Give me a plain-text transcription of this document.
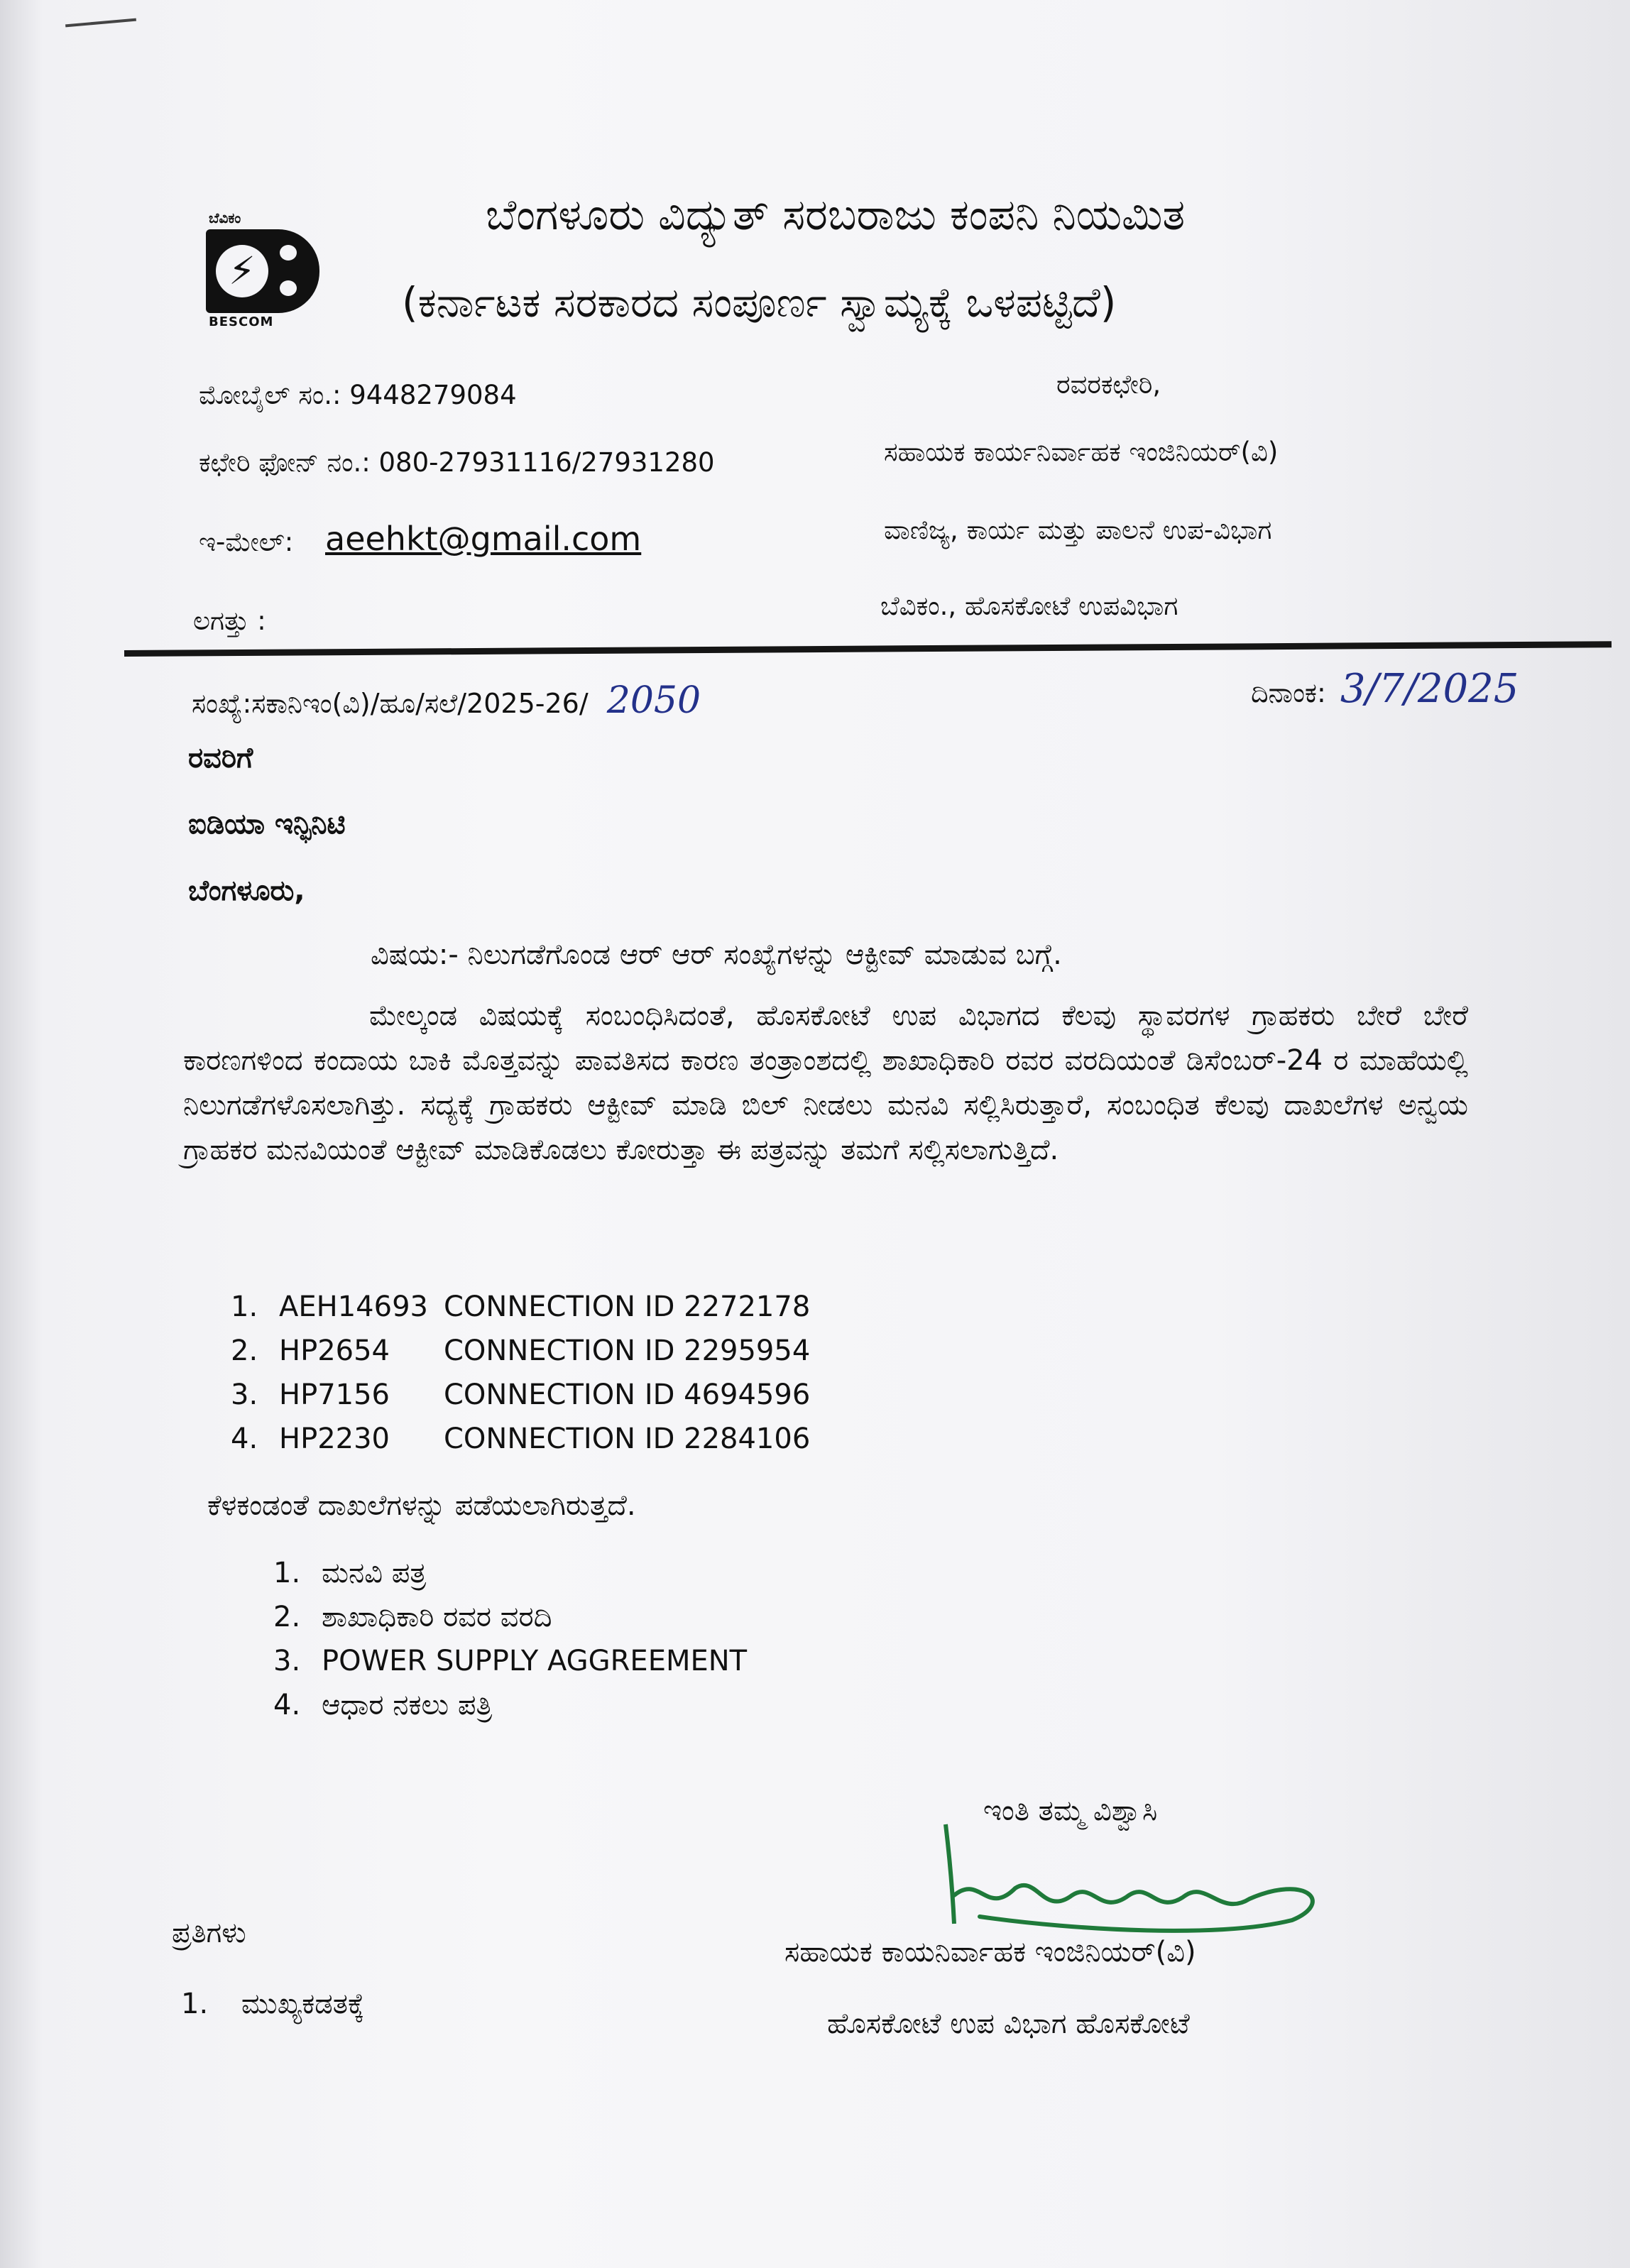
ಬೆವಿಕಂ
⚡
BESCOM
ಬೆಂಗಳೂರು ವಿದ್ಯುತ್ ಸರಬರಾಜು ಕಂಪನಿ ನಿಯಮಿತ
(ಕರ್ನಾಟಕ ಸರಕಾರದ ಸಂಪೂರ್ಣ ಸ್ವಾಮ್ಯಕ್ಕೆ ಒಳಪಟ್ಟಿದೆ)
ಮೋಬೈಲ್ ಸಂ.: 9448279084
ಕಛೇರಿ ಫೋನ್ ನಂ.: 080-27931116/27931280
ಇ-ಮೇಲ್: aeehkt@gmail.com
ಲಗತ್ತು :
ರವರಕಛೇರಿ,
ಸಹಾಯಕ ಕಾರ್ಯನಿರ್ವಾಹಕ ಇಂಜಿನಿಯರ್(ವಿ)
ವಾಣಿಜ್ಯ, ಕಾರ್ಯ ಮತ್ತು ಪಾಲನೆ ಉಪ-ವಿಭಾಗ
ಬೆವಿಕಂ., ಹೊಸಕೋಟೆ ಉಪವಿಭಾಗ
ಸಂಖ್ಯೆ:ಸಕಾನಿಇಂ(ವಿ)/ಹೂ/ಸಲೆ/2025-26/ 2050	ದಿನಾಂಕ: 3/7/2025
ರವರಿಗೆ
ಐಡಿಯಾ ಇನ್ಫಿನಿಟಿ
ಬೆಂಗಳೂರು,
ವಿಷಯ:- ನಿಲುಗಡೆಗೊಂಡ ಆರ್ ಆರ್ ಸಂಖ್ಯೆಗಳನ್ನು ಆಕ್ಟೀವ್ ಮಾಡುವ ಬಗ್ಗೆ.

ಮೇಲ್ಕಂಡ ವಿಷಯಕ್ಕೆ ಸಂಬಂಧಿಸಿದಂತೆ, ಹೊಸಕೋಟೆ ಉಪ ವಿಭಾಗದ ಕೆಲವು ಸ್ಥಾವರಗಳ ಗ್ರಾಹಕರು ಬೇರೆ ಬೇರೆ ಕಾರಣಗಳಿಂದ ಕಂದಾಯ ಬಾಕಿ ಮೊತ್ತವನ್ನು ಪಾವತಿಸದ ಕಾರಣ ತಂತ್ರಾಂಶದಲ್ಲಿ ಶಾಖಾಧಿಕಾರಿ ರವರ ವರದಿಯಂತೆ ಡಿಸೆಂಬರ್-24 ರ ಮಾಹೆಯಲ್ಲಿ ನಿಲುಗಡೆಗಳೊಸಲಾಗಿತ್ತು. ಸದ್ಯಕ್ಕೆ ಗ್ರಾಹಕರು ಆಕ್ಟೀವ್ ಮಾಡಿ ಬಿಲ್ ನೀಡಲು ಮನವಿ ಸಲ್ಲಿಸಿರುತ್ತಾರೆ, ಸಂಬಂಧಿತ ಕೆಲವು ದಾಖಲೆಗಳ ಅನ್ವಯ ಗ್ರಾಹಕರ ಮನವಿಯಂತೆ ಆಕ್ಟೀವ್ ಮಾಡಿಕೊಡಲು ಕೋರುತ್ತಾ ಈ ಪತ್ರವನ್ನು ತಮಗೆ ಸಲ್ಲಿಸಲಾಗುತ್ತಿದೆ.

1. AEH14693 CONNECTION ID 2272178
2. HP2654	CONNECTION ID 2295954
3. HP7156	CONNECTION ID 4694596
4. HP2230	CONNECTION ID 2284106
ಕೆಳಕಂಡಂತೆ ದಾಖಲೆಗಳನ್ನು ಪಡೆಯಲಾಗಿರುತ್ತದೆ.
1. ಮನವಿ ಪತ್ರ
2. ಶಾಖಾಧಿಕಾರಿ ರವರ ವರದಿ
3. POWER SUPPLY AGGREEMENT
4. ಆಧಾರ ನಕಲು ಪತ್ರಿ
ಇಂತಿ ತಮ್ಮ ವಿಶ್ವಾಸಿ
ಪ್ರತಿಗಳು
1. ಮುಖ್ಯಕಡತಕ್ಕೆ
ಸಹಾಯಕ ಕಾಯನಿರ್ವಾಹಕ ಇಂಜಿನಿಯರ್(ವಿ)
ಹೊಸಕೋಟೆ ಉಪ ವಿಭಾಗ ಹೊಸಕೋಟೆ
